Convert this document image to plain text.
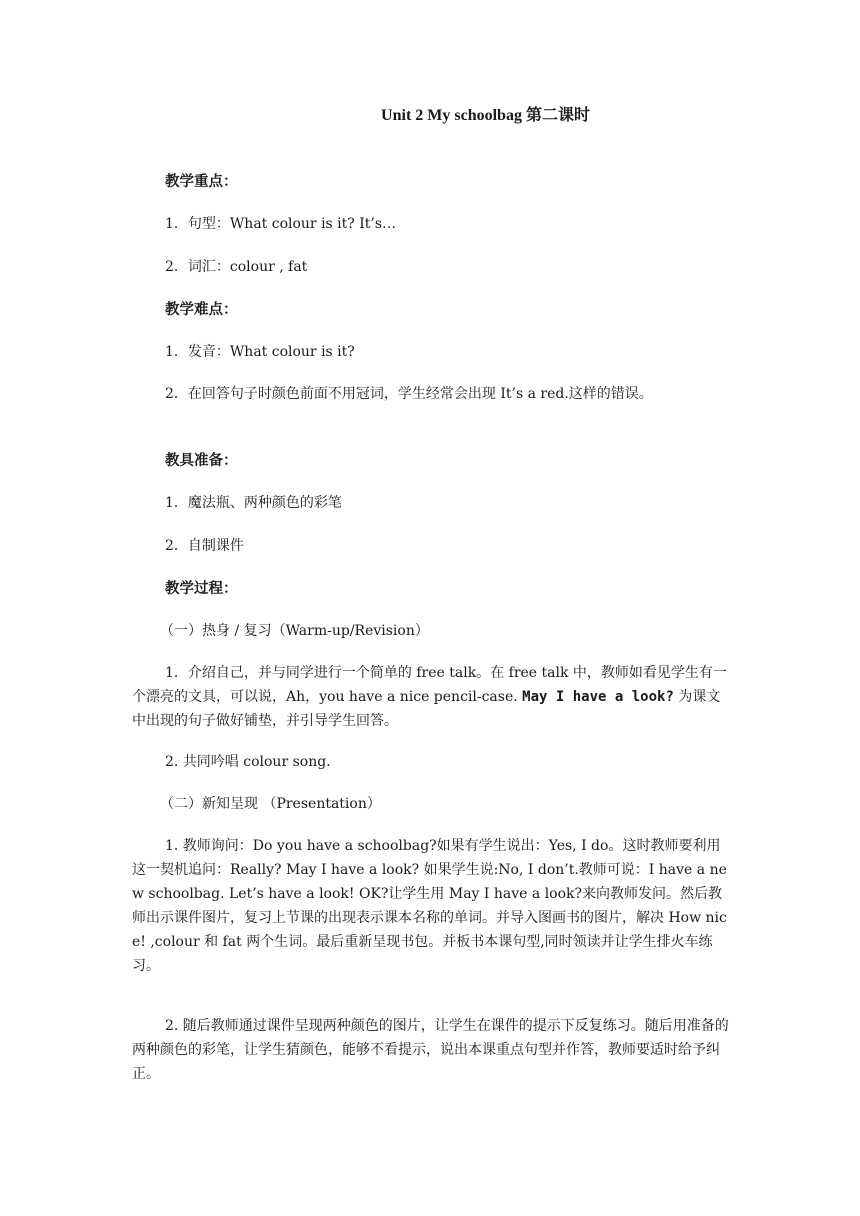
Unit 2 My schoolbag 第二课时
教学重点：
1．句型：What colour is it? It’s…
2．词汇：colour , fat
教学难点：
1．发音：What colour is it?
2．在回答句子时颜色前面不用冠词，学生经常会出现 It’s a red.这样的错误。
教具准备：
1．魔法瓶、两种颜色的彩笔
2．自制课件
教学过程：
（一）热身 / 复习（Warm-up/Revision）
1．介绍自己，并与同学进行一个简单的 free talk。在 free talk 中，教师如看见学生有一个漂亮的文具，可以说，Ah，you have a nice pencil-case. May I have a look? 为课文中出现的句子做好铺垫，并引导学生回答。
2. 共同吟唱 colour song.
（二）新知呈现 （Presentation）
1. 教师询问：Do you have a schoolbag?如果有学生说出：Yes, I do。这时教师要利用这一契机追问：Really? May I have a look? 如果学生说:No, I don’t.教师可说：I have a new schoolbag. Let’s have a look! OK?让学生用 May I have a look?来向教师发问。然后教师出示课件图片，复习上节课的出现表示课本名称的单词。并导入图画书的图片，解决 How nice! ,colour 和 fat 两个生词。最后重新呈现书包。并板书本课句型,同时领读并让学生排火车练习。
2. 随后教师通过课件呈现两种颜色的图片，让学生在课件的提示下反复练习。随后用准备的两种颜色的彩笔，让学生猜颜色，能够不看提示，说出本课重点句型并作答，教师要适时给予纠正。
